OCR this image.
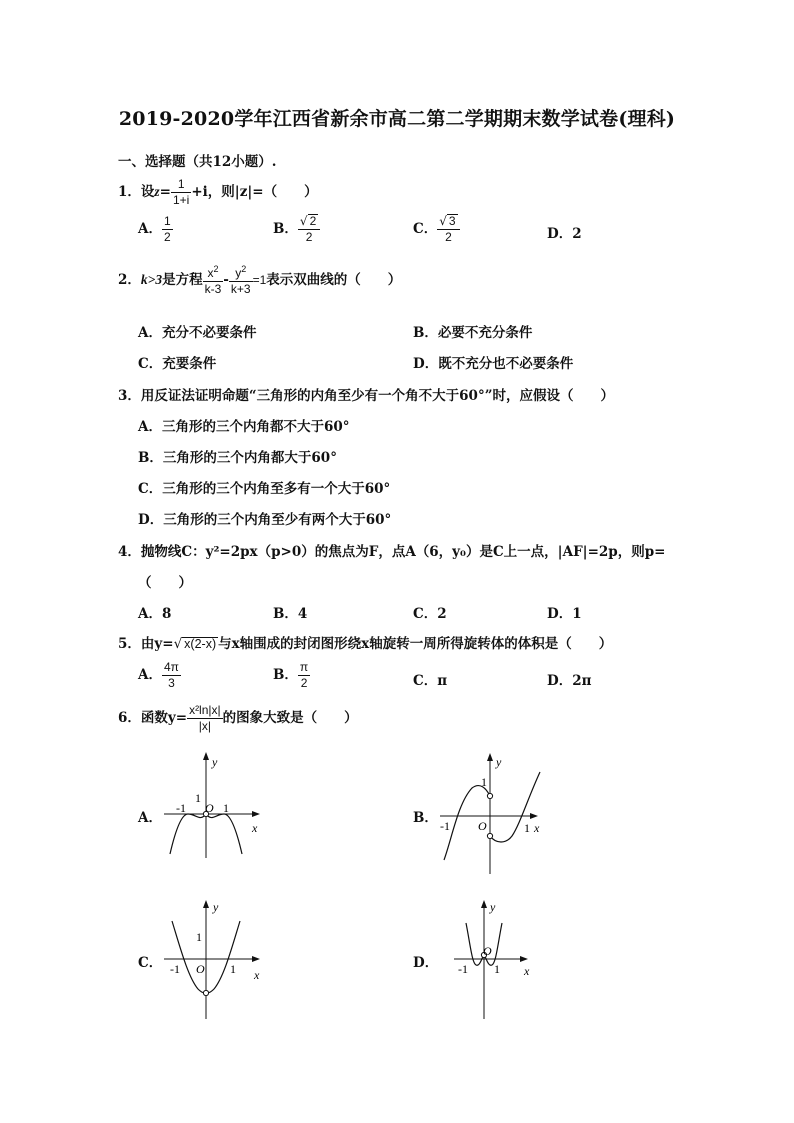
2019-2020学年江西省新余市高二第二学期期末数学试卷(理科)
一、选择题（共12小题）.
1．设$z= \frac{1}{1+i} +i$，则|z|=（　　）
A． $\frac{1}{2}$	B． $\frac{√ 2}{2}$	C． $\frac{√ 3}{2}$	D．2
2．k>3是方程 $\frac{x^2}{k-3} - \frac{y^2}{k+3} =1$表示双曲线的（　　）
A．充分不必要条件	B．必要不充分条件
C．充要条件	D．既不充分也不必要条件
3．用反证法证明命题“三角形的内角至少有一个角不大于60°”时，应假设（　　）
A．三角形的三个内角都不大于60°
B．三角形的三个内角都大于60°
C．三角形的三个内角至多有一个大于60°
D．三角形的三个内角至少有两个大于60°
4．抛物线C：y²=2px（p>0）的焦点为F，点A（6，y₀）是C上一点，|AF|=2p，则p=
（　　）
A．8	B．4	C．2	D．1
5．由y=√ x(2-x) 与x轴围成的封闭图形绕x轴旋转一周所得旋转体的体积是（　　）
A． $\frac{4\pi}{3}$	B． $\frac{\pi}{2}$	C．π	D．2π
6．函数$y= \frac{\text{x²ln|x|}}{|x|}$ 的图象大致是（　　）
A．	B．
C．	D．
y
x
1
-1	1
O
y
x
1
-1	1
O
y
x
1
-1	1
O
y
x
-1 1
O
